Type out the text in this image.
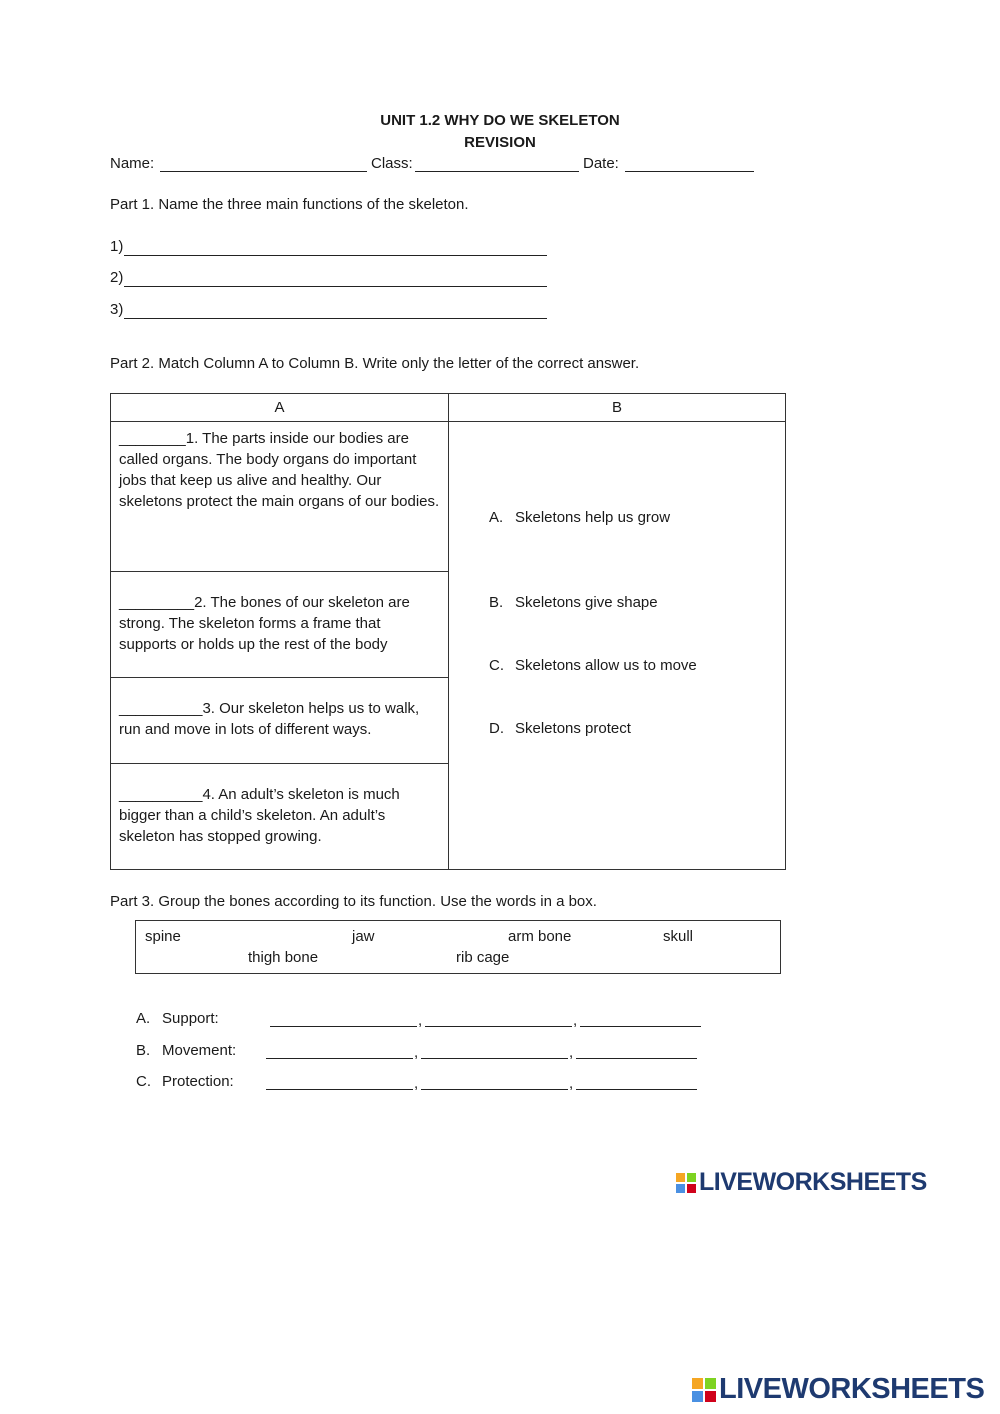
UNIT 1.2 WHY DO WE SKELETON
REVISION
Name:	Class:	Date:
Part 1. Name the three main functions of the skeleton.
1)
2)
3)
Part 2. Match Column A to Column B. Write only the letter of the correct answer.
A	B
________1. The parts inside our bodies are called organs. The body organs do important jobs that keep us alive and healthy. Our skeletons protect the main organs of our bodies.	A. Skeletons help us grow
B. Skeletons give shape
C. Skeletons allow us to move
D. Skeletons protect

_________2. The bones of our skeleton are strong. The skeleton forms a frame that supports or holds up the rest of the body	

__________3. Our skeleton helps us to walk, run and move in lots of different ways.	

__________4. An adult’s skeleton is much bigger than a child’s skeleton. An adult’s skeleton has stopped growing.	
Part 3. Group the bones according to its function. Use the words in a box.
spine	jaw	arm bone	skull
thigh bone	rib cage
A. Support:	,	,
B. Movement:	,	,
C. Protection:	,	,
LIVEWORKSHEETS
LIVEWORKSHEETS
